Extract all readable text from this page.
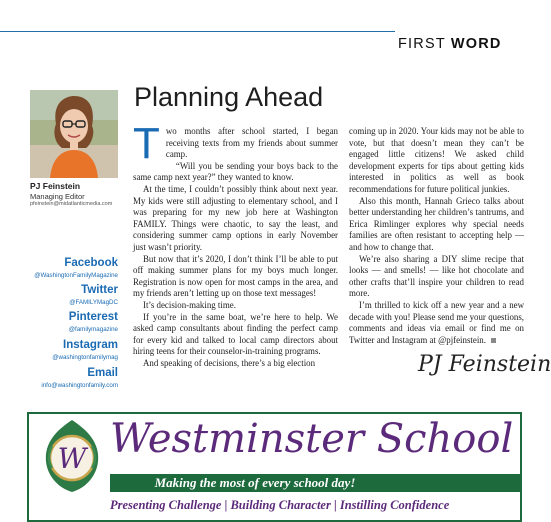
FIRST WORD
PJ Feinstein
Managing Editor
pfeinstein@midatlanticmedia.com
Facebook
@WashingtonFamilyMagazine
Twitter
@FAMILYMagDC
Pinterest
@familymagazine
Instagram
@washingtonfamilymag
Email
info@washingtonfamily.com
Planning Ahead
T wo months after school started, I began receiving texts from my friends about summer camp.

“Will you be sending your boys back to the same camp next year?” they wanted to know.

At the time, I couldn’t possibly think about next year. My kids were still adjusting to elementary school, and I was preparing for my new job here at Washington FAMILY. Things were chaotic, to say the least, and considering summer camp options in early November just wasn’t priority.

But now that it’s 2020, I don’t think I’ll be able to put off making summer plans for my boys much longer. Registration is now open for most camps in the area, and my friends aren’t letting up on those text messages!

It’s decision-making time.

If you’re in the same boat, we’re here to help. We asked camp consultants about finding the perfect camp for every kid and talked to local camp directors about hiring teens for their counselor-in-training programs.

And speaking of decisions, there’s a big election

coming up in 2020. Your kids may not be able to vote, but that doesn’t mean they can’t be engaged little citizens! We asked child development experts for tips about getting kids interested in politics as well as book recommendations for future political junkies.

Also this month, Hannah Grieco talks about better understanding her children’s tantrums, and Erica Rimlinger explores why special needs families are often resistant to accepting help — and how to change that.

We’re also sharing a DIY slime recipe that looks — and smells! — like hot chocolate and other crafts that’ll inspire your children to read more.

I’m thrilled to kick off a new year and a new decade with you! Please send me your questions, comments and ideas via email or find me on Twitter and Instagram at @pjfeinstein.

PJ Feinstein
W Westminster School
Making the most of every school day!
Presenting Challenge | Building Character | Instilling Confidence
